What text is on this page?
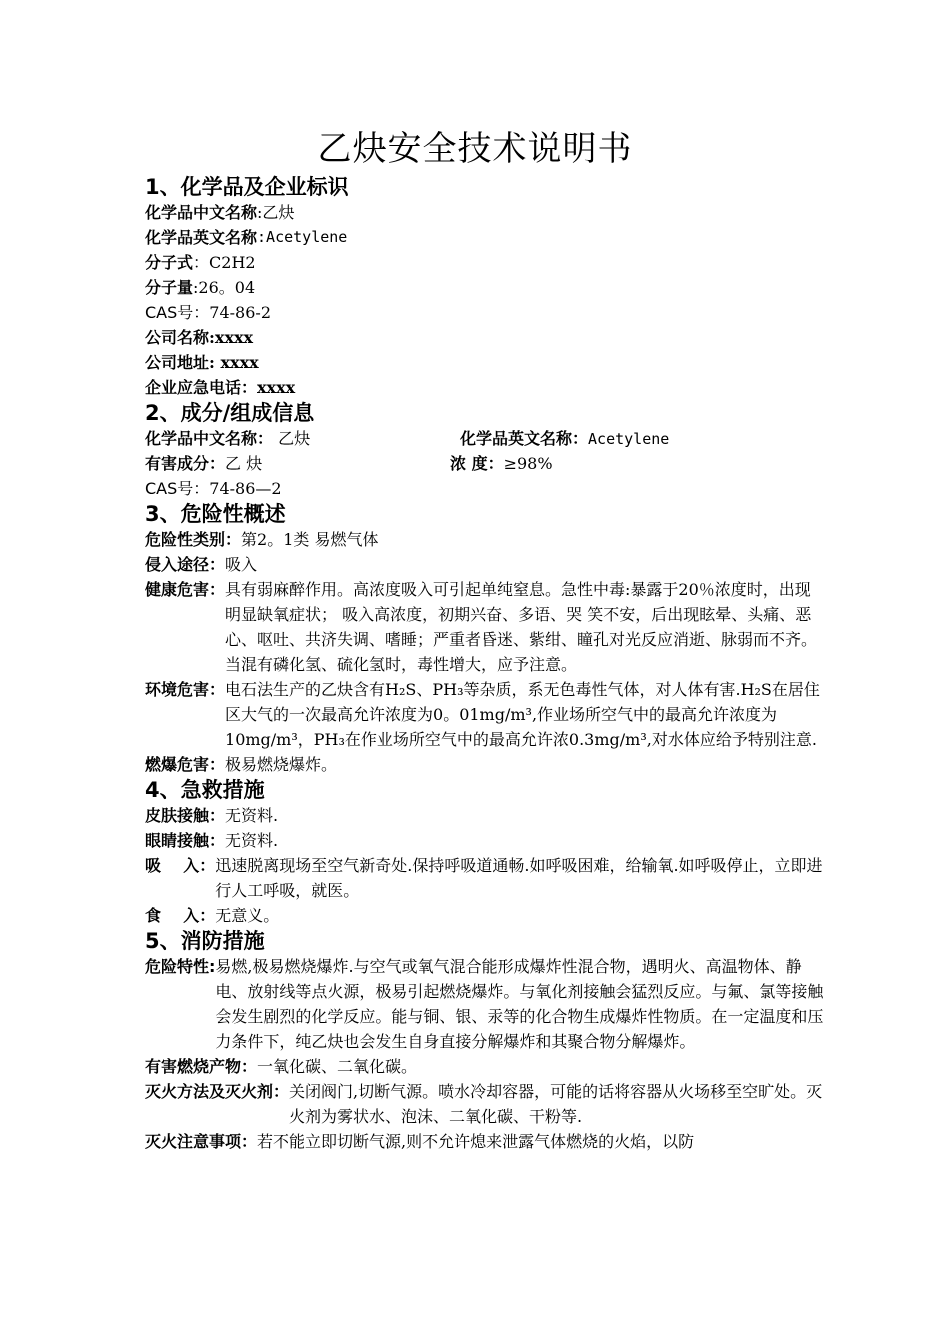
乙炔安全技术说明书
1、化学品及企业标识
化学品中文名称 :乙炔
化学品英文名称 :Acetylene
分子式 ：C2H2
分子量 :26。04
CAS号 ：74-86-2
公司名称 :xxxx
公司地址 : xxxx
企业应急电话 ：xxxx
2、成分/组成信息
化学品中文名称： 乙炔	化学品英文名称：Acetylene
有害成分：乙 炔	浓 度：≥98%
CAS号： 74-86—2
3、危险性概述
危险性类别： 第2。1类 易燃气体
侵入途径： 吸入
健康危害： 具有弱麻醉作用。高浓度吸入可引起单纯窒息。急性中毒:暴露于20％浓度时，出现明显缺氧症状； 吸入高浓度，初期兴奋、多语、哭 笑不安，后出现眩晕、头痛、恶心、呕吐、共济失调、嗜睡；严重者昏迷、紫绀、瞳孔对光反应消逝、脉弱而不齐。当混有磷化氢、硫化氢时，毒性增大，应予注意。
环境危害： 电石法生产的乙炔含有H₂S、PH₃等杂质，系无色毒性气体，对人体有害.H₂S在居住区大气的一次最高允许浓度为0。01mg/m³,作业场所空气中的最高允许浓度为10mg/m³，PH₃在作业场所空气中的最高允许浓0.3mg/m³,对水体应给予特别注意.
燃爆危害： 极易燃烧爆炸。
4、急救措施
皮肤接触： 无资料.
眼睛接触： 无资料.
吸    入： 迅速脱离现场至空气新奇处.保持呼吸道通畅.如呼吸困难，给输氧.如呼吸停止，立即进行人工呼吸，就医。
食    入： 无意义。
5、消防措施
危险特性: 易燃,极易燃烧爆炸.与空气或氧气混合能形成爆炸性混合物，遇明火、高温物体、静电、放射线等点火源，极易引起燃烧爆炸。与氧化剂接触会猛烈反应。与氟、氯等接触会发生剧烈的化学反应。能与铜、银、汞等的化合物生成爆炸性物质。在一定温度和压力条件下，纯乙炔也会发生自身直接分解爆炸和其聚合物分解爆炸。
有害燃烧产物： 一氧化碳、二氧化碳。
灭火方法及灭火剂： 关闭阀门,切断气源。喷水冷却容器，可能的话将容器从火场移至空旷处。灭火剂为雾状水、泡沫、二氧化碳、干粉等.
灭火注意事项： 若不能立即切断气源,则不允许熄来泄露气体燃烧的火焰，以防
